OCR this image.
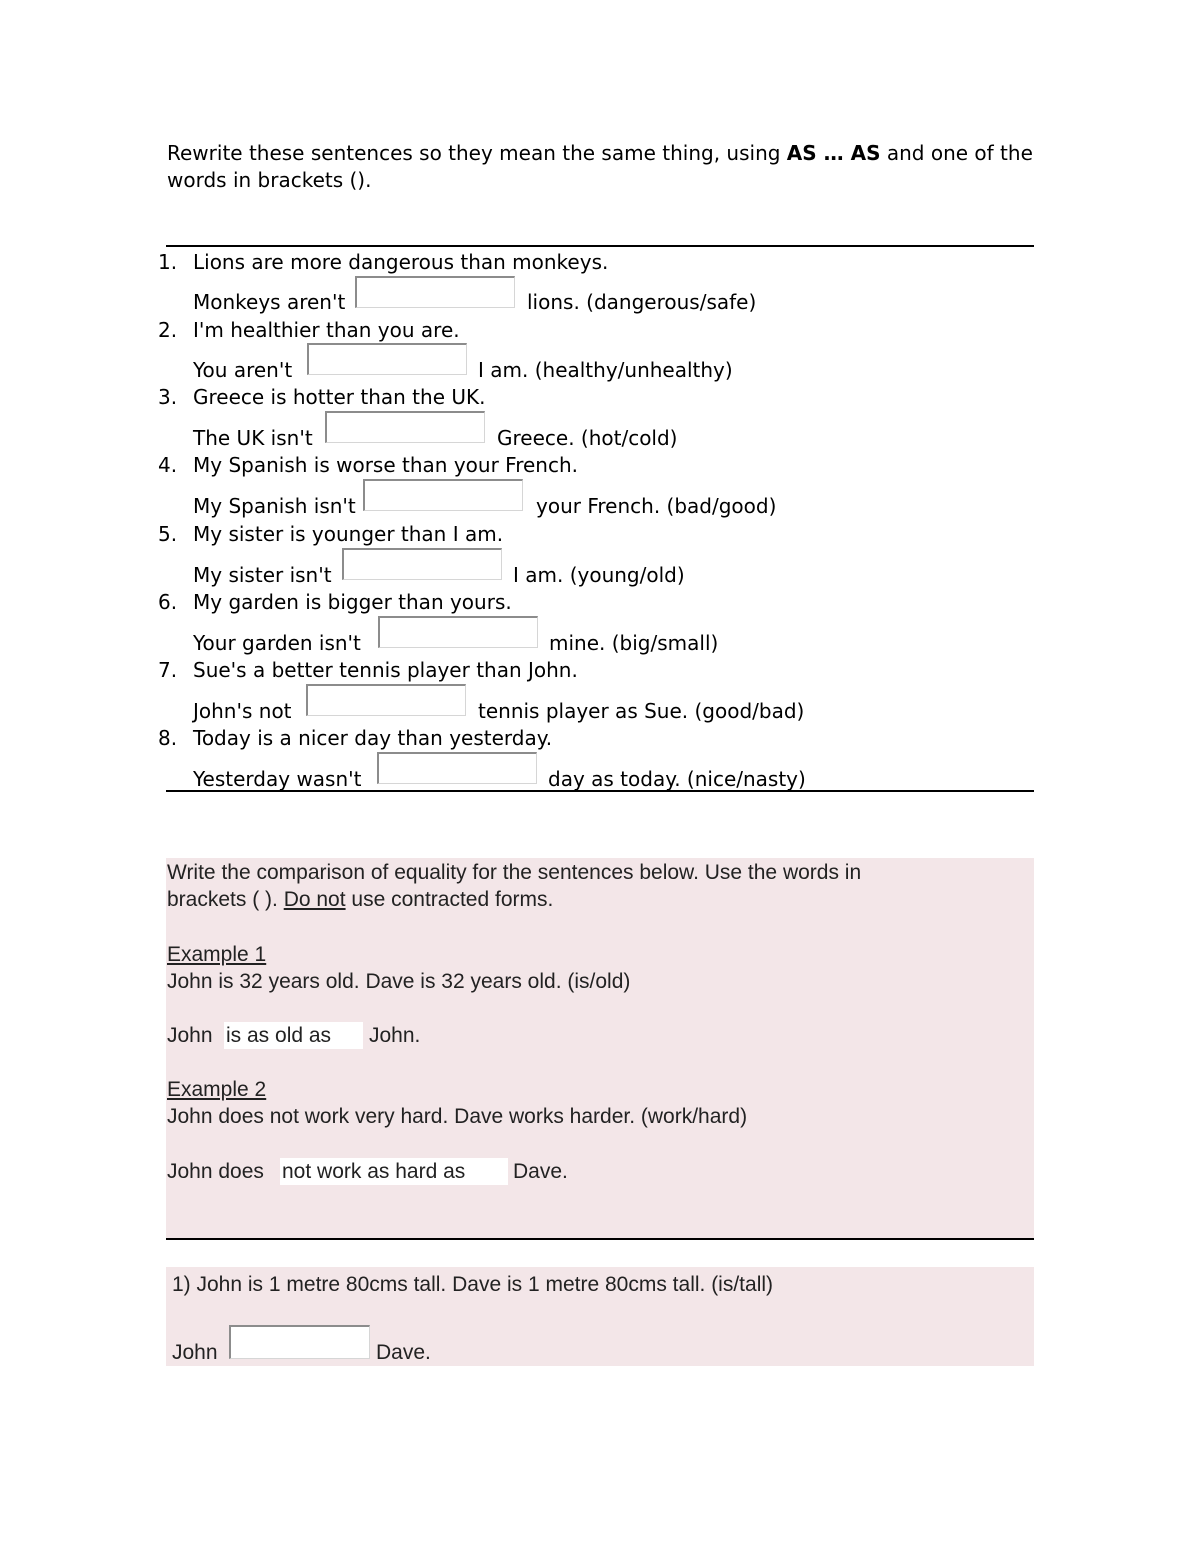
Rewrite these sentences so they mean the same thing, using AS … AS and one of the words in brackets ().
1. Lions are more dangerous than monkeys.
Monkeys aren't	lions. (dangerous/safe)
2. I'm healthier than you are.
You aren't	I am. (healthy/unhealthy)
3. Greece is hotter than the UK.
The UK isn't	Greece. (hot/cold)
4. My Spanish is worse than your French.
My Spanish isn't	your French. (bad/good)
5. My sister is younger than I am.
My sister isn't	I am. (young/old)
6. My garden is bigger than yours.
Your garden isn't	mine. (big/small)
7. Sue's a better tennis player than John.
John's not	tennis player as Sue. (good/bad)
8. Today is a nicer day than yesterday.
Yesterday wasn't	day as today. (nice/nasty)
Write the comparison of equality for the sentences below. Use the words in
brackets ( ). Do not use contracted forms.
Example 1
John is 32 years old. Dave is 32 years old. (is/old)
John is as old as John.
Example 2
John does not work very hard. Dave works harder. (work/hard)
John does not work as hard as Dave.
1) John is 1 metre 80cms tall. Dave is 1 metre 80cms tall. (is/tall)
John	Dave.
